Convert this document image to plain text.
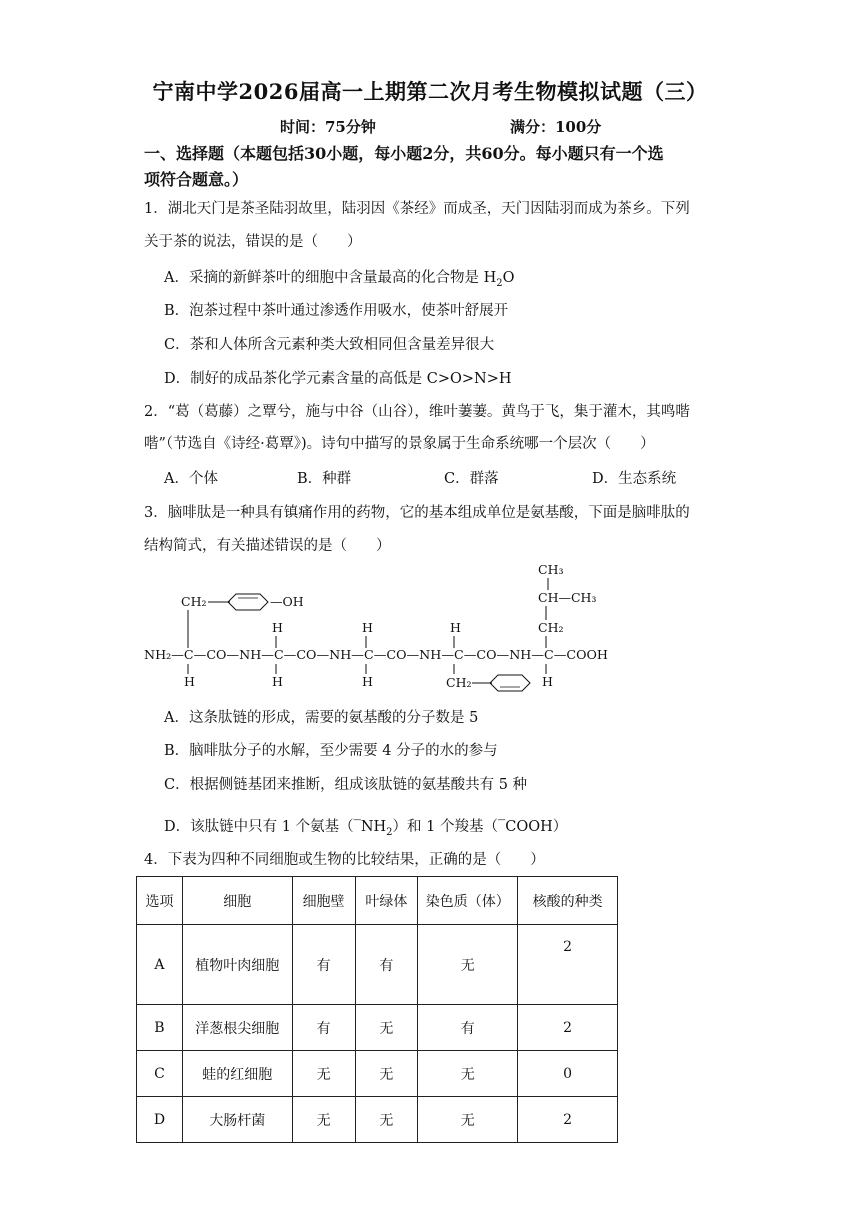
宁南中学2026届高一上期第二次月考生物模拟试题（三）
时间：75分钟	满分：100分
一、选择题（本题包括30小题，每小题2分，共60分。每小题只有一个选
项符合题意。）
1．湖北天门是茶圣陆羽故里，陆羽因《茶经》而成圣，天门因陆羽而成为茶乡。下列
关于茶的说法，错误的是（　　）
A．采摘的新鲜茶叶的细胞中含量最高的化合物是 $H_2O$
B．泡茶过程中茶叶通过渗透作用吸水，使茶叶舒展开
C．茶和人体所含元素种类大致相同但含量差异很大
D．制好的成品茶化学元素含量的高低是 C>O>N>H
2．“葛（葛藤）之覃兮，施与中谷（山谷），维叶萋萋。黄鸟于飞，集于灌木，其鸣喈
喈”（节选自《诗经·葛覃》)。诗句中描写的景象属于生命系统哪一个层次（　　）
A．个体	B．种群	C．群落	D．生态系统
3．脑啡肽是一种具有镇痛作用的药物，它的基本组成单位是氨基酸，下面是脑啡肽的
结构简式，有关描述错误的是（　　）
CH₃
CH—CH₃
CH₂
CH₂	—OH
H	H	H
NH₂—C—CO—NH—C—CO—NH—C—CO—NH—C—CO—NH—C—COOH
H	H	H	CH₂	H
A．这条肽链的形成，需要的氨基酸的分子数是 5
B．脑啡肽分子的水解，至少需要 4 分子的水的参与
C．根据侧链基团来推断，组成该肽链的氨基酸共有 5 种
D．该肽链中只有 1 个氨基$(‾NH_2)$和 1 个羧基（‾COOH）
4．下表为四种不同细胞或生物的比较结果，正确的是（　　）
选项	细胞	细胞壁	叶绿体	染色质（体）	核酸的种类
A	植物叶肉细胞	有	有	无	2
B	洋葱根尖细胞	有	无	有	2
C	蛙的红细胞	无	无	无	0
D	大肠杆菌	无	无	无	2
